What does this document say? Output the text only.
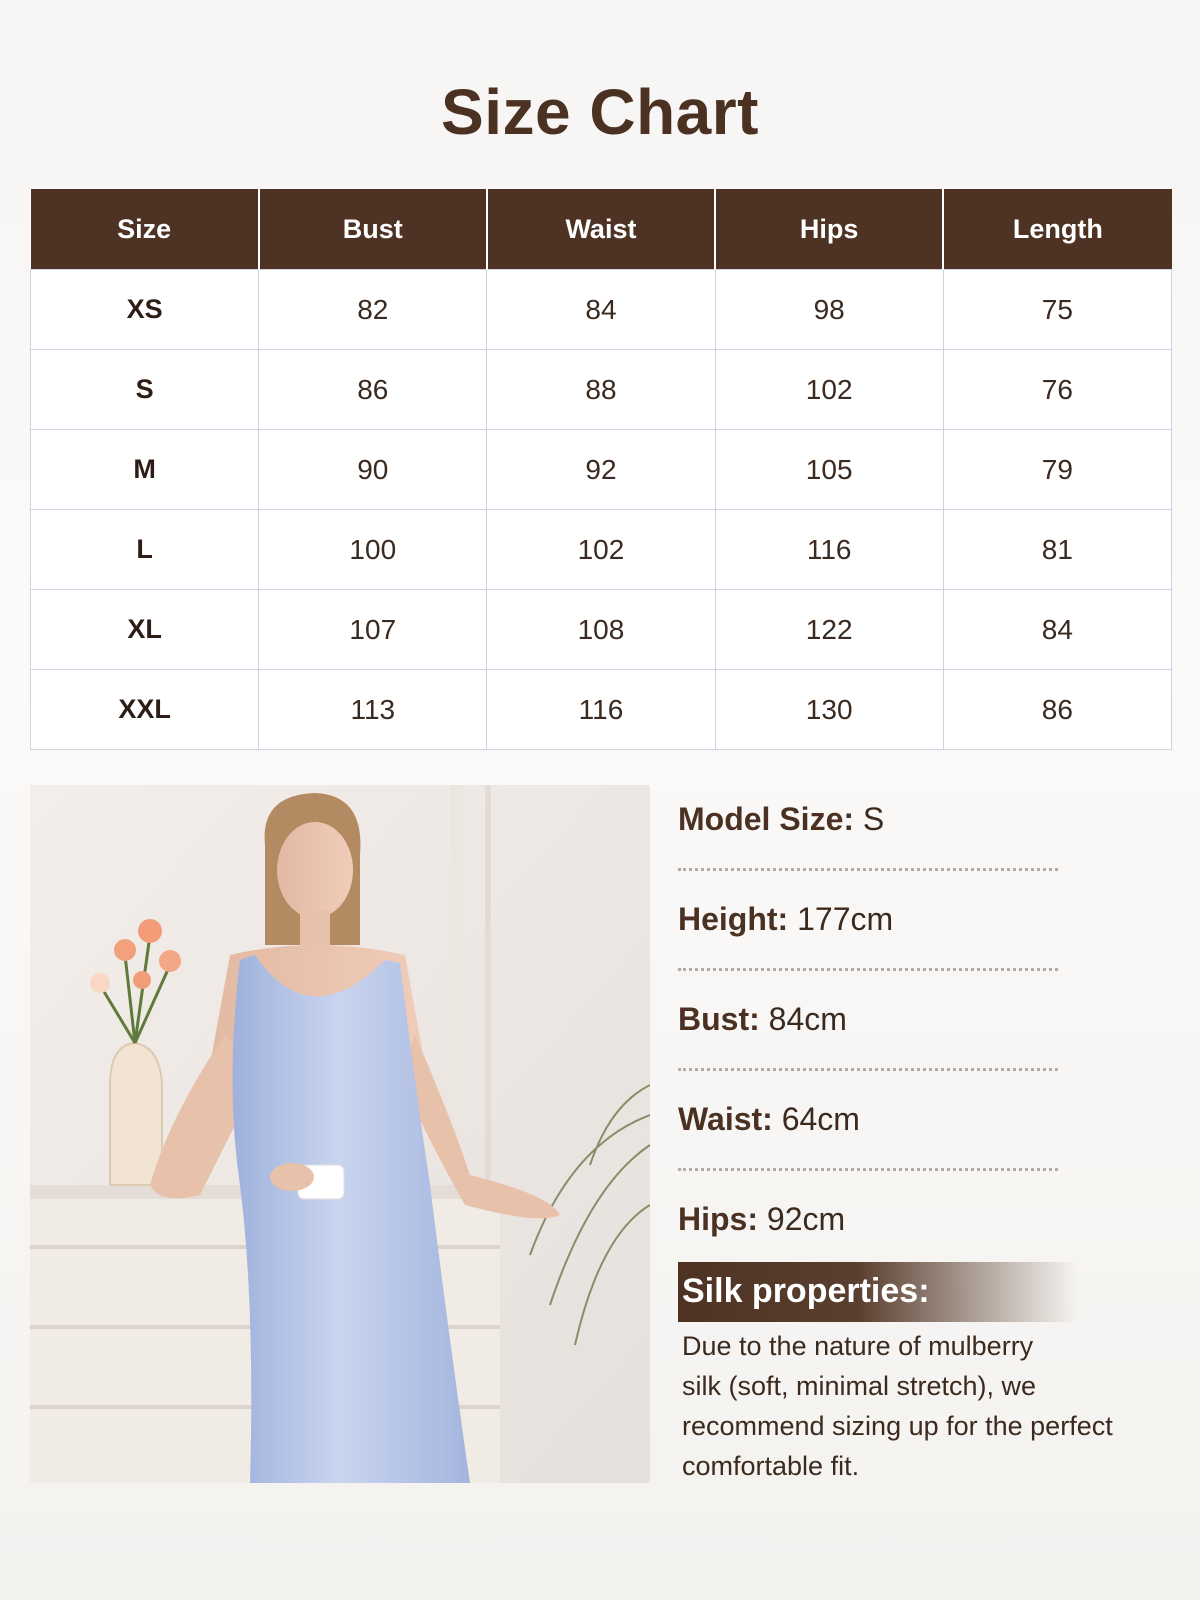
Size Chart
Size	Bust	Waist	Hips	Length
XS	82	84	98	75
S	86	88	102	76
M	90	92	105	79
L	100	102	116	81
XL	107	108	122	84
XXL	113	116	130	86
Model Size: S
Height: 177cm
Bust: 84cm
Waist: 64cm
Hips: 92cm
Silk properties:
Due to the nature of mulberry
silk (soft, minimal stretch), we
recommend sizing up for the perfect
comfortable fit.
